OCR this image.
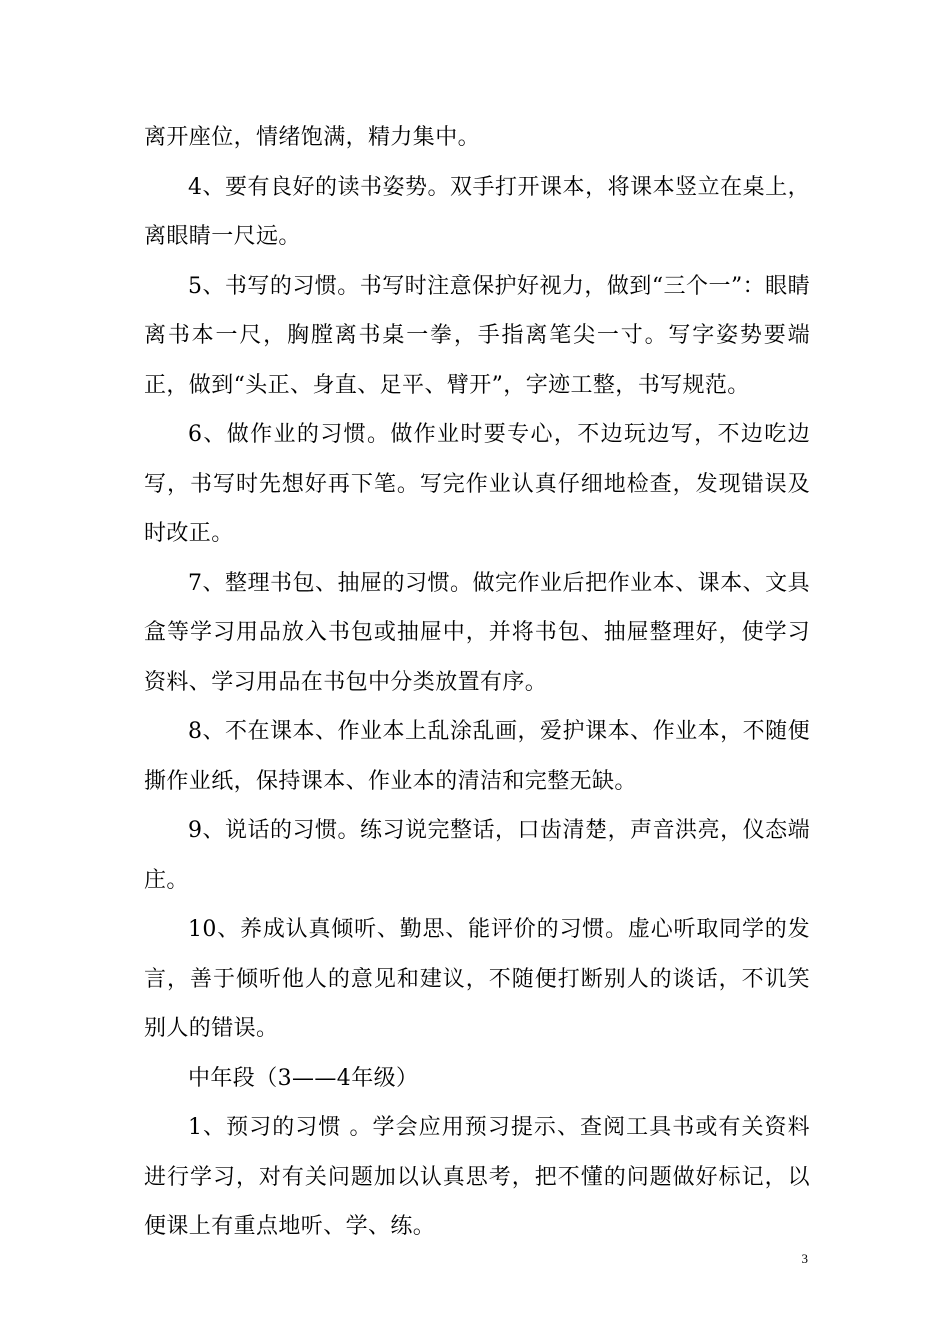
离开座位，情绪饱满，精力集中。

4、要有良好的读书姿势。双手打开课本，将课本竖立在桌上，离眼睛一尺远。

5、书写的习惯。书写时注意保护好视力，做到“三个一”：眼睛离书本一尺，胸膛离书桌一拳，手指离笔尖一寸。写字姿势要端正，做到“头正、身直、足平、臂开”，字迹工整，书写规范。

6、做作业的习惯。做作业时要专心，不边玩边写，不边吃边写，书写时先想好再下笔。写完作业认真仔细地检查，发现错误及时改正。

7、整理书包、抽屉的习惯。做完作业后把作业本、课本、文具盒等学习用品放入书包或抽屉中，并将书包、抽屉整理好，使学习资料、学习用品在书包中分类放置有序。

8、不在课本、作业本上乱涂乱画，爱护课本、作业本，不随便撕作业纸，保持课本、作业本的清洁和完整无缺。

9、说话的习惯。练习说完整话，口齿清楚，声音洪亮，仪态端庄。

10、养成认真倾听、勤思、能评价的习惯。虚心听取同学的发言，善于倾听他人的意见和建议，不随便打断别人的谈话，不讥笑别人的错误。

中年段（3——4年级）

1、预习的习惯 。学会应用预习提示、查阅工具书或有关资料进行学习，对有关问题加以认真思考，把不懂的问题做好标记，以便课上有重点地听、学、练。

3
